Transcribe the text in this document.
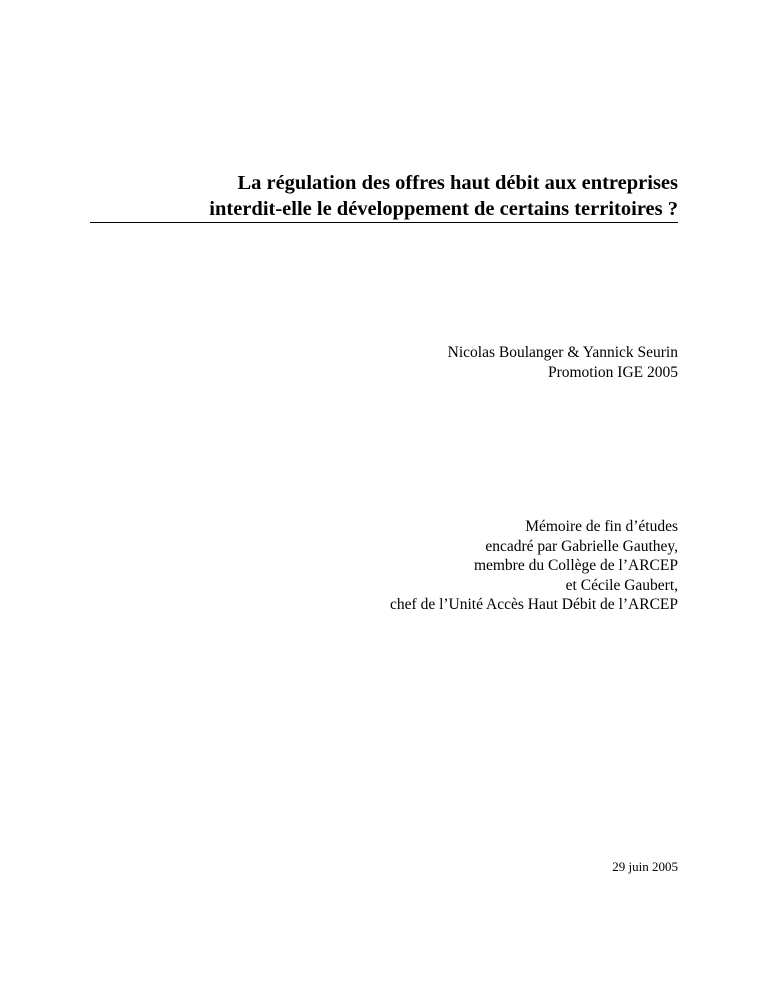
La régulation des offres haut débit aux entreprises
interdit-elle le développement de certains territoires ?
Nicolas Boulanger & Yannick Seurin
Promotion IGE 2005
Mémoire de fin d’études
encadré par Gabrielle Gauthey,
membre du Collège de l’ARCEP
et Cécile Gaubert,
chef de l’Unité Accès Haut Débit de l’ARCEP
29 juin 2005
